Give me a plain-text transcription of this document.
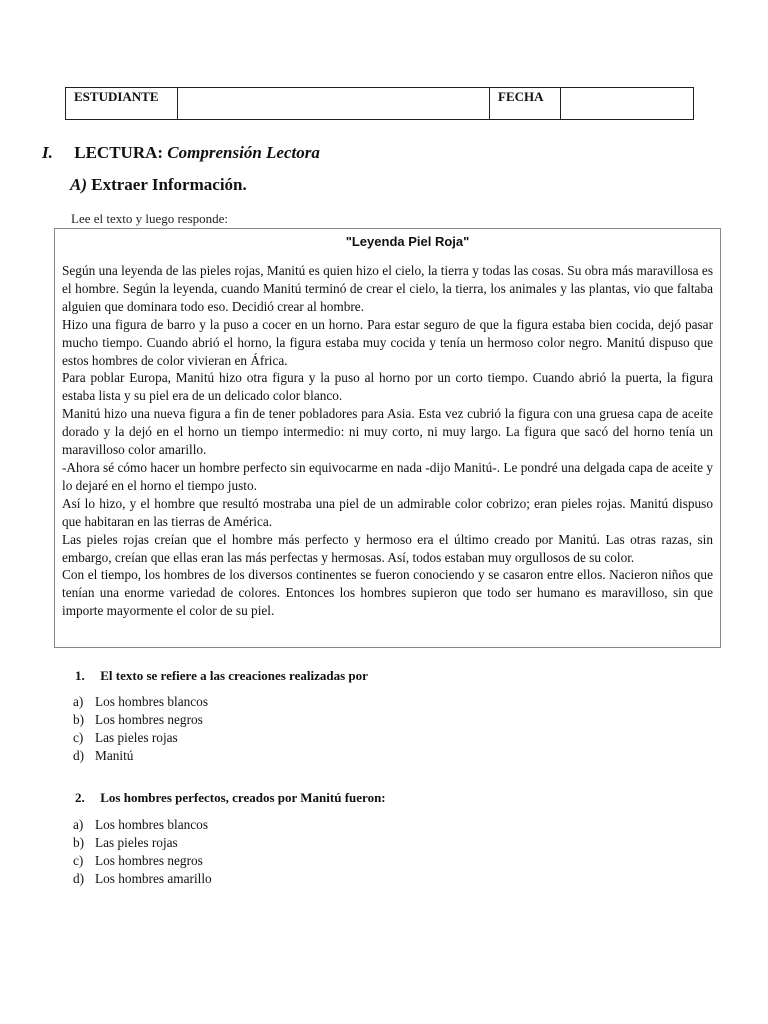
ESTUDIANTE	FECHA
I. LECTURA: Comprensión Lectora
A) Extraer Información.
Lee el texto y luego responde:
"Leyenda Piel Roja"

Según una leyenda de las pieles rojas, Manitú es quien hizo el cielo, la tierra y todas las cosas. Su obra más maravillosa es el hombre. Según la leyenda, cuando Manitú terminó de crear el cielo, la tierra, los animales y las plantas, vio que faltaba alguien que dominara todo eso. Decidió crear al hombre.

Hizo una figura de barro y la puso a cocer en un horno. Para estar seguro de que la figura estaba bien cocida, dejó pasar mucho tiempo. Cuando abrió el horno, la figura estaba muy cocida y tenía un hermoso color negro. Manitú dispuso que estos hombres de color vivieran en África.

Para poblar Europa, Manitú hizo otra figura y la puso al horno por un corto tiempo. Cuando abrió la puerta, la figura estaba lista y su piel era de un delicado color blanco.

Manitú hizo una nueva figura a fin de tener pobladores para Asia. Esta vez cubrió la figura con una gruesa capa de aceite dorado y la dejó en el horno un tiempo intermedio: ni muy corto, ni muy largo. La figura que sacó del horno tenía un maravilloso color amarillo.

-Ahora sé cómo hacer un hombre perfecto sin equivocarme en nada -dijo Manitú-. Le pondré una delgada capa de aceite y lo dejaré en el horno el tiempo justo.

Así lo hizo, y el hombre que resultó mostraba una piel de un admirable color cobrizo; eran pieles rojas. Manitú dispuso que habitaran en las tierras de América.

Las pieles rojas creían que el hombre más perfecto y hermoso era el último creado por Manitú. Las otras razas, sin embargo, creían que ellas eran las más perfectas y hermosas. Así, todos estaban muy orgullosos de su color.

Con el tiempo, los hombres de los diversos continentes se fueron conociendo y se casaron entre ellos. Nacieron niños que tenían una enorme variedad de colores. Entonces los hombres supieron que todo ser humano es maravilloso, sin que importe mayormente el color de su piel.

1. El texto se refiere a las creaciones realizadas por
a) Los hombres blancos
b) Los hombres negros
c) Las pieles rojas
d) Manitú
2. Los hombres perfectos, creados por Manitú fueron:
a) Los hombres blancos
b) Las pieles rojas
c) Los hombres negros
d) Los hombres amarillo
